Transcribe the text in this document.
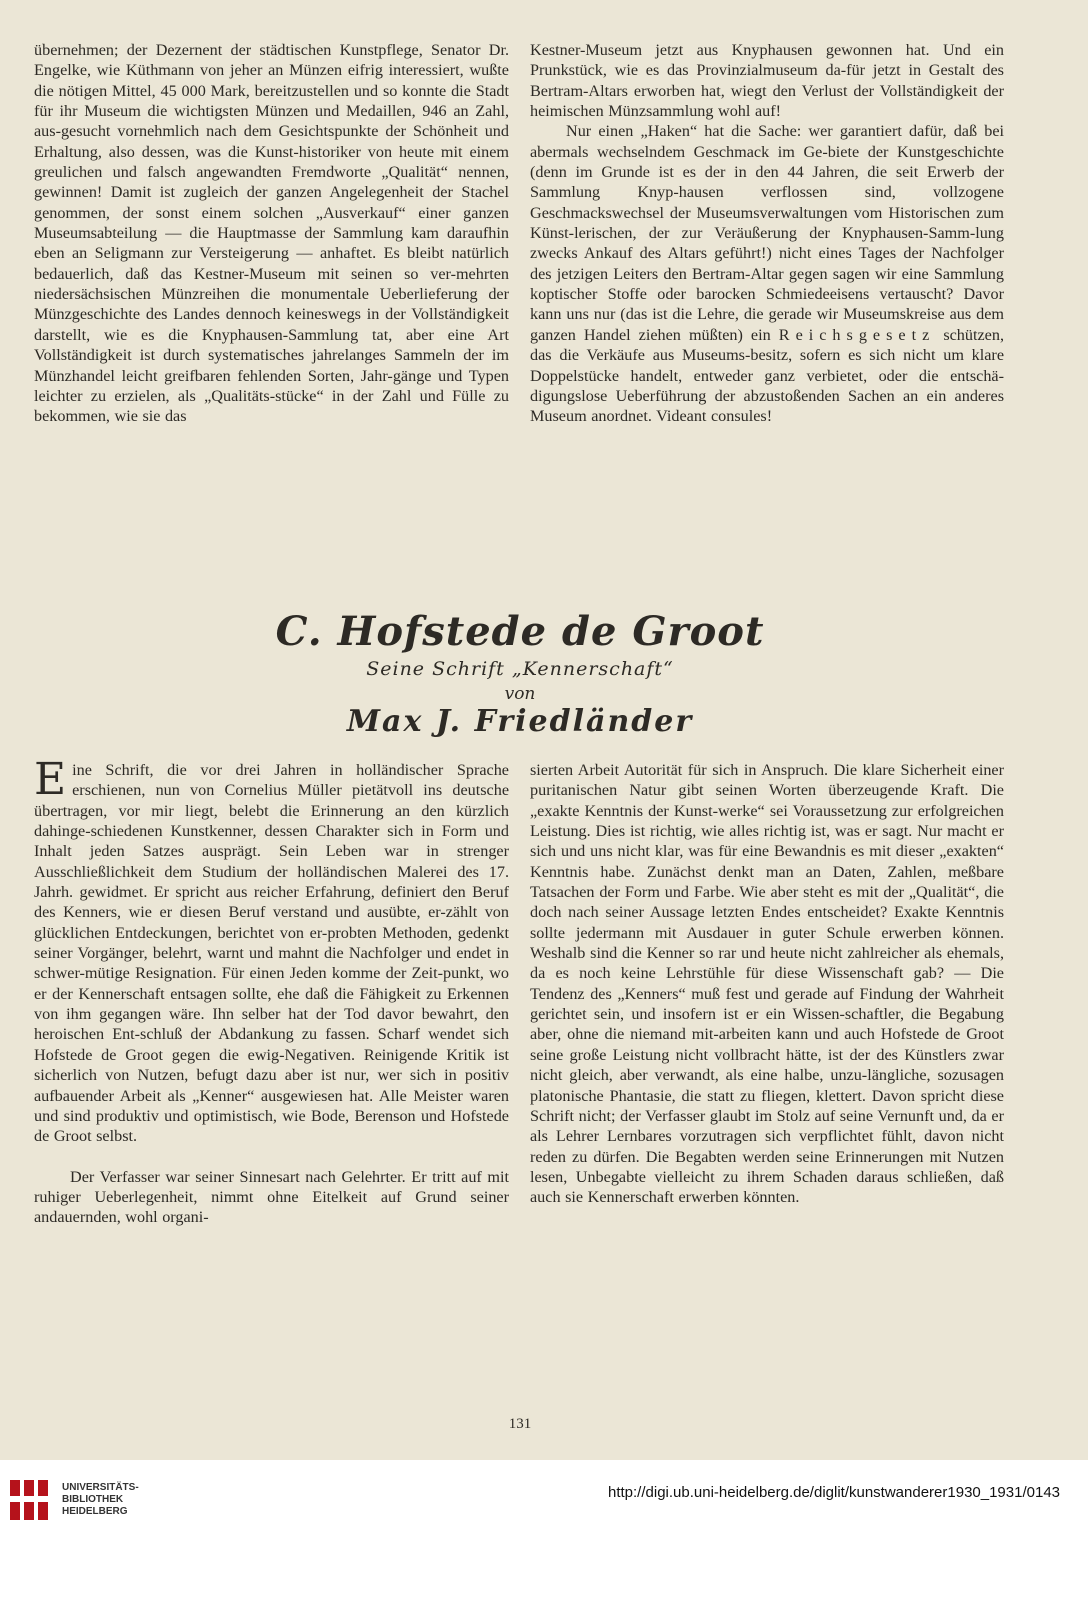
übernehmen; der Dezernent der städtischen Kunstpflege, Senator Dr. Engelke, wie Küthmann von jeher an Münzen eifrig interessiert, wußte die nötigen Mittel, 45 000 Mark, bereitzustellen und so konnte die Stadt für ihr Museum die wichtigsten Münzen und Medaillen, 946 an Zahl, aus-gesucht vornehmlich nach dem Gesichtspunkte der Schönheit und Erhaltung, also dessen, was die Kunst-historiker von heute mit einem greulichen und falsch angewandten Fremdworte „Qualität“ nennen, gewinnen! Damit ist zugleich der ganzen Angelegenheit der Stachel genommen, der sonst einem solchen „Ausverkauf“ einer ganzen Museumsabteilung — die Hauptmasse der Sammlung kam daraufhin eben an Seligmann zur Versteigerung — anhaftet. Es bleibt natürlich bedauerlich, daß das Kestner-Museum mit seinen so ver-mehrten niedersächsischen Münzreihen die monumentale Ueberlieferung der Münzgeschichte des Landes dennoch keineswegs in der Vollständigkeit darstellt, wie es die Knyphausen-Sammlung tat, aber eine Art Vollständigkeit ist durch systematisches jahrelanges Sammeln der im Münzhandel leicht greifbaren fehlenden Sorten, Jahr-gänge und Typen leichter zu erzielen, als „Qualitäts-stücke“ in der Zahl und Fülle zu bekommen, wie sie das

Kestner-Museum jetzt aus Knyphausen gewonnen hat. Und ein Prunkstück, wie es das Provinzialmuseum da-für jetzt in Gestalt des Bertram-Altars erworben hat, wiegt den Verlust der Vollständigkeit der heimischen Münzsammlung wohl auf!

Nur einen „Haken“ hat die Sache: wer garantiert dafür, daß bei abermals wechselndem Geschmack im Ge-biete der Kunstgeschichte (denn im Grunde ist es der in den 44 Jahren, die seit Erwerb der Sammlung Knyp-hausen verflossen sind, vollzogene Geschmackswechsel der Museumsverwaltungen vom Historischen zum Künst-lerischen, der zur Veräußerung der Knyphausen-Samm-lung zwecks Ankauf des Altars geführt!) nicht eines Tages der Nachfolger des jetzigen Leiters den Bertram-Altar gegen sagen wir eine Sammlung koptischer Stoffe oder barocken Schmiedeeisens vertauscht? Davor kann uns nur (das ist die Lehre, die gerade wir Museumskreise aus dem ganzen Handel ziehen müßten) ein Reichsgesetz schützen, das die Verkäufe aus Museums-besitz, sofern es sich nicht um klare Doppelstücke handelt, entweder ganz verbietet, oder die entschä-digungslose Ueberführung der abzustoßenden Sachen an ein anderes Museum anordnet. Videant consules!

C. Hofstede de Groot
Seine Schrift „Kennerschaft“
von
Max J. Friedländer

Eine Schrift, die vor drei Jahren in holländischer Sprache erschienen, nun von Cornelius Müller pietätvoll ins deutsche übertragen, vor mir liegt, belebt die Erinnerung an den kürzlich dahinge-schiedenen Kunstkenner, dessen Charakter sich in Form und Inhalt jeden Satzes ausprägt. Sein Leben war in strenger Ausschließlichkeit dem Studium der holländischen Malerei des 17. Jahrh. gewidmet. Er spricht aus reicher Erfahrung, definiert den Beruf des Kenners, wie er diesen Beruf verstand und ausübte, er-zählt von glücklichen Entdeckungen, berichtet von er-probten Methoden, gedenkt seiner Vorgänger, belehrt, warnt und mahnt die Nachfolger und endet in schwer-mütige Resignation. Für einen Jeden komme der Zeit-punkt, wo er der Kennerschaft entsagen sollte, ehe daß die Fähigkeit zu Erkennen von ihm gegangen wäre. Ihn selber hat der Tod davor bewahrt, den heroischen Ent-schluß der Abdankung zu fassen. Scharf wendet sich Hofstede de Groot gegen die ewig-Negativen. Reinigende Kritik ist sicherlich von Nutzen, befugt dazu aber ist nur, wer sich in positiv aufbauender Arbeit als „Kenner“ ausgewiesen hat. Alle Meister waren und sind produktiv und optimistisch, wie Bode, Berenson und Hofstede de Groot selbst.

Der Verfasser war seiner Sinnesart nach Gelehrter. Er tritt auf mit ruhiger Ueberlegenheit, nimmt ohne Eitelkeit auf Grund seiner andauernden, wohl organi-

sierten Arbeit Autorität für sich in Anspruch. Die klare Sicherheit einer puritanischen Natur gibt seinen Worten überzeugende Kraft. Die „exakte Kenntnis der Kunst-werke“ sei Voraussetzung zur erfolgreichen Leistung. Dies ist richtig, wie alles richtig ist, was er sagt. Nur macht er sich und uns nicht klar, was für eine Bewandnis es mit dieser „exakten“ Kenntnis habe. Zunächst denkt man an Daten, Zahlen, meßbare Tatsachen der Form und Farbe. Wie aber steht es mit der „Qualität“, die doch nach seiner Aussage letzten Endes entscheidet? Exakte Kenntnis sollte jedermann mit Ausdauer in guter Schule erwerben können. Weshalb sind die Kenner so rar und heute nicht zahlreicher als ehemals, da es noch keine Lehrstühle für diese Wissenschaft gab? — Die Tendenz des „Kenners“ muß fest und gerade auf Findung der Wahrheit gerichtet sein, und insofern ist er ein Wissen-schaftler, die Begabung aber, ohne die niemand mit-arbeiten kann und auch Hofstede de Groot seine große Leistung nicht vollbracht hätte, ist der des Künstlers zwar nicht gleich, aber verwandt, als eine halbe, unzu-längliche, sozusagen platonische Phantasie, die statt zu fliegen, klettert. Davon spricht diese Schrift nicht; der Verfasser glaubt im Stolz auf seine Vernunft und, da er als Lehrer Lernbares vorzutragen sich verpflichtet fühlt, davon nicht reden zu dürfen. Die Begabten werden seine Erinnerungen mit Nutzen lesen, Unbegabte vielleicht zu ihrem Schaden daraus schließen, daß auch sie Kennerschaft erwerben könnten.

131
UNIVERSITÄTS-
BIBLIOTHEK
HEIDELBERG
http://digi.ub.uni-heidelberg.de/diglit/kunstwanderer1930_1931/0143
